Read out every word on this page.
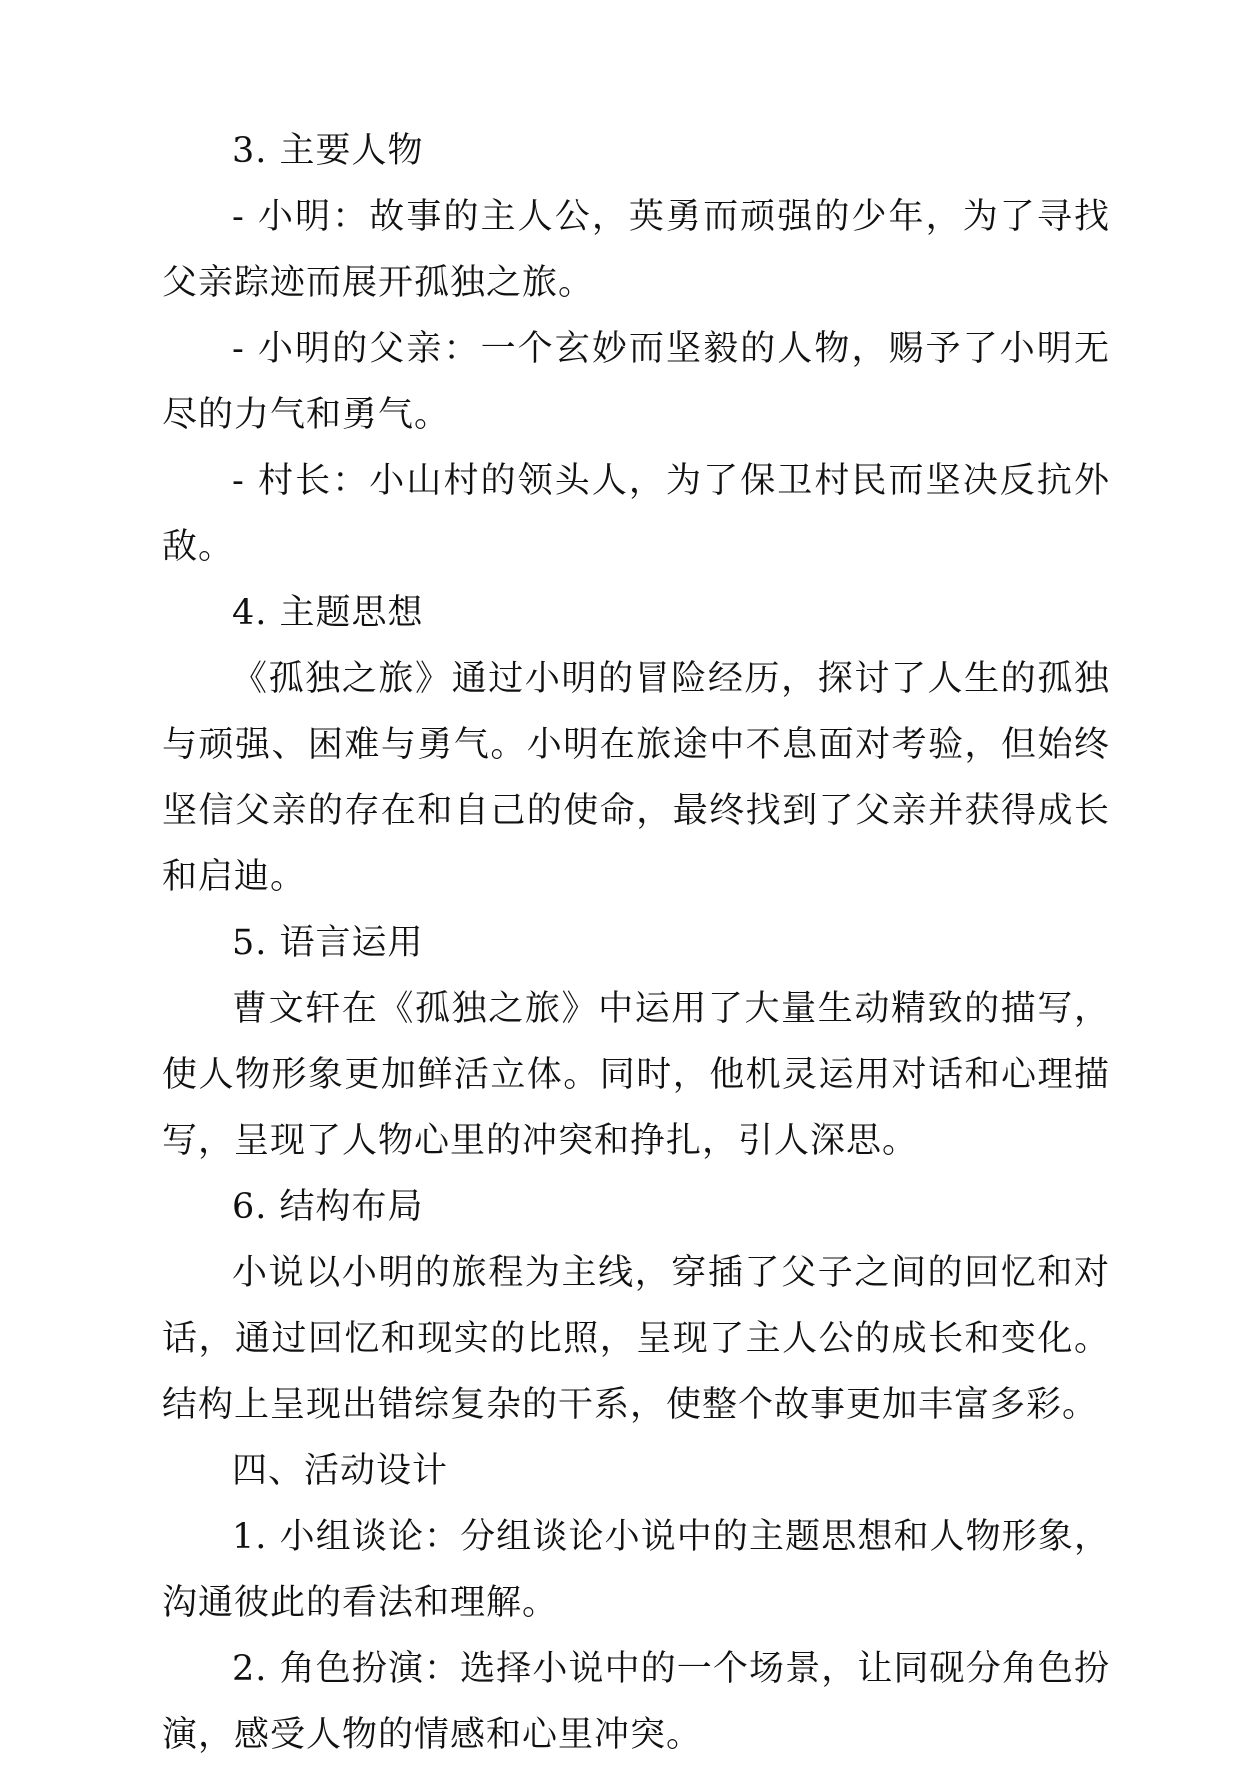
3. 主要人物

- 小明：故事的主人公，英勇而顽强的少年，为了寻找父亲踪迹而展开孤独之旅。

- 小明的父亲：一个玄妙而坚毅的人物，赐予了小明无尽的力气和勇气。

- 村长：小山村的领头人，为了保卫村民而坚决反抗外敌。

4. 主题思想

《孤独之旅》通过小明的冒险经历，探讨了人生的孤独与顽强、困难与勇气。小明在旅途中不息面对考验，但始终坚信父亲的存在和自己的使命，最终找到了父亲并获得成长和启迪。

5. 语言运用

曹文轩在《孤独之旅》中运用了大量生动精致的描写，使人物形象更加鲜活立体。同时，他机灵运用对话和心理描写，呈现了人物心里的冲突和挣扎，引人深思。

6. 结构布局

小说以小明的旅程为主线，穿插了父子之间的回忆和对话，通过回忆和现实的比照，呈现了主人公的成长和变化。结构上呈现出错综复杂的干系，使整个故事更加丰富多彩。

四、活动设计

1. 小组谈论：分组谈论小说中的主题思想和人物形象，沟通彼此的看法和理解。

2. 角色扮演：选择小说中的一个场景，让同砚分角色扮演，感受人物的情感和心里冲突。
